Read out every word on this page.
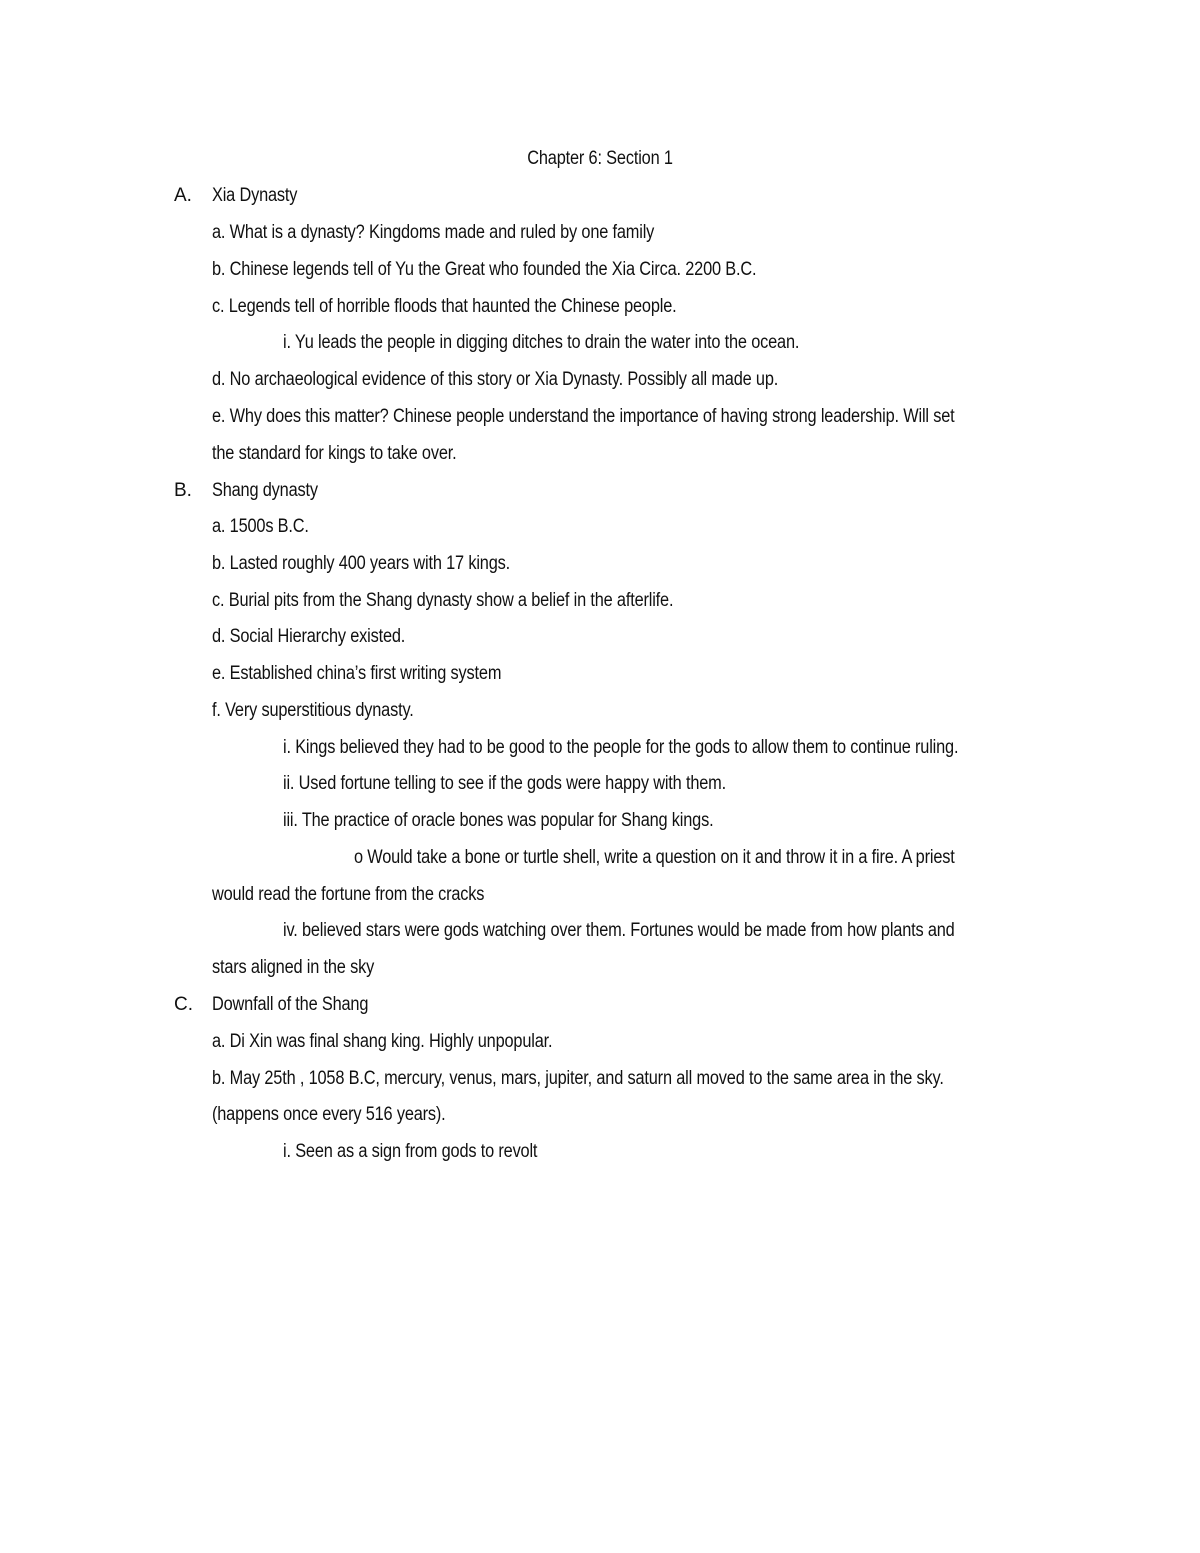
Chapter 6: Section 1
A. Xia Dynasty
a. What is a dynasty? Kingdoms made and ruled by one family
b. Chinese legends tell of Yu the Great who founded the Xia Circa. 2200 B.C.
c. Legends tell of horrible floods that haunted the Chinese people.
i. Yu leads the people in digging ditches to drain the water into the ocean.
d. No archaeological evidence of this story or Xia Dynasty. Possibly all made up.
e. Why does this matter? Chinese people understand the importance of having strong leadership. Will set
the standard for kings to take over.
B. Shang dynasty
a. 1500s B.C.
b. Lasted roughly 400 years with 17 kings.
c. Burial pits from the Shang dynasty show a belief in the afterlife.
d. Social Hierarchy existed.
e. Established china’s first writing system
f. Very superstitious dynasty.
i. Kings believed they had to be good to the people for the gods to allow them to continue ruling.
ii. Used fortune telling to see if the gods were happy with them.
iii. The practice of oracle bones was popular for Shang kings.
o Would take a bone or turtle shell, write a question on it and throw it in a fire. A priest
would read the fortune from the cracks
iv. believed stars were gods watching over them. Fortunes would be made from how plants and
stars aligned in the sky
C. Downfall of the Shang
a. Di Xin was final shang king. Highly unpopular.
b. May 25th , 1058 B.C, mercury, venus, mars, jupiter, and saturn all moved to the same area in the sky.
(happens once every 516 years).
i. Seen as a sign from gods to revolt
